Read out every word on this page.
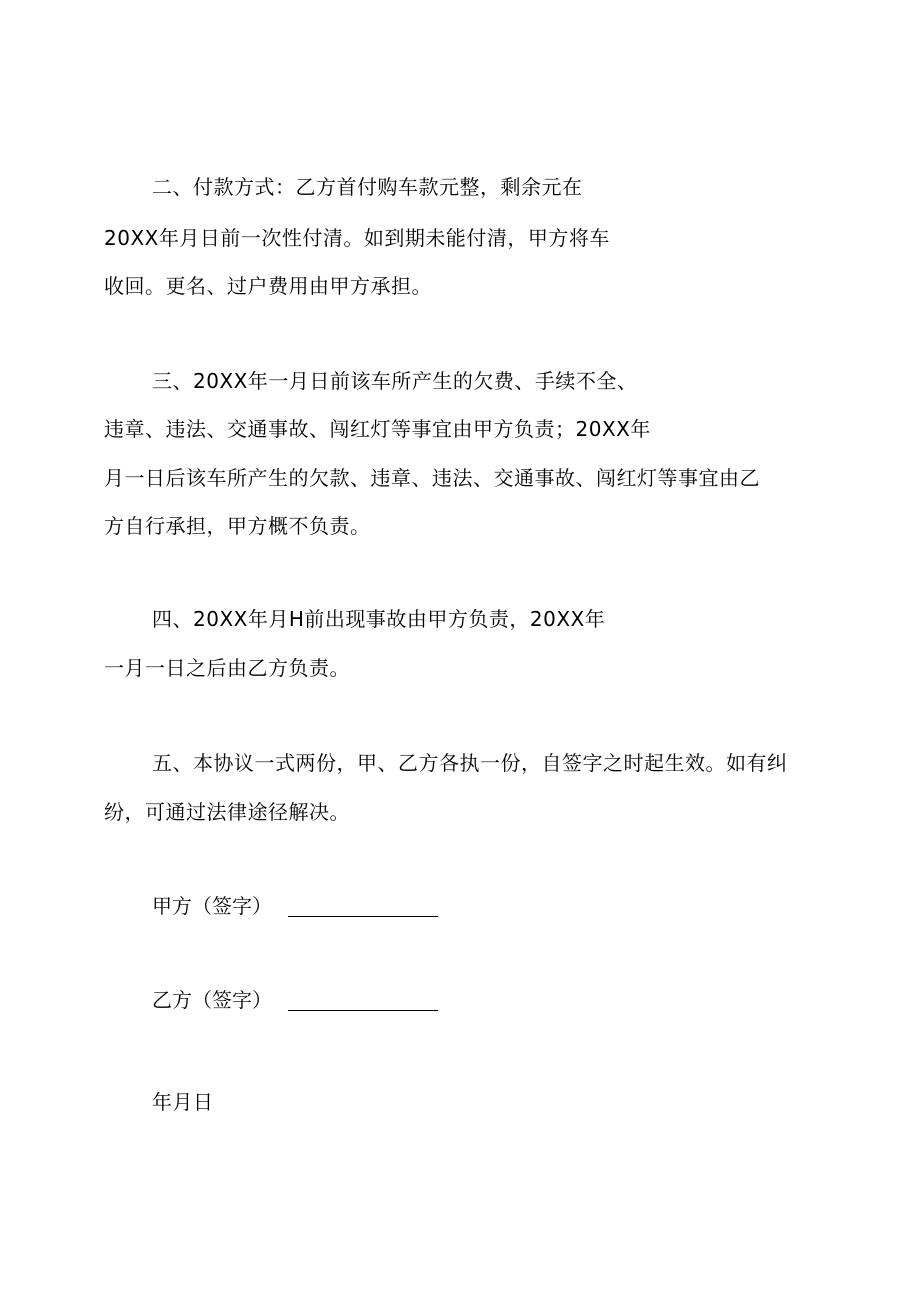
二、付款方式：乙方首付购车款元整，剩余元在
20XX年月日前一次性付清。如到期未能付清，甲方将车
收回。更名、过户费用由甲方承担。
三、20XX年一月日前该车所产生的欠费、手续不全、
违章、违法、交通事故、闯红灯等事宜由甲方负责；20XX年
月一日后该车所产生的欠款、违章、违法、交通事故、闯红灯等事宜由乙
方自行承担，甲方概不负责。
四、20XX年月H前出现事故由甲方负责，20XX年
一月一日之后由乙方负责。
五、本协议一式两份，甲、乙方各执一份，自签字之时起生效。如有纠
纷，可通过法律途径解决。
甲方（签字）
乙方（签字）
年月日
